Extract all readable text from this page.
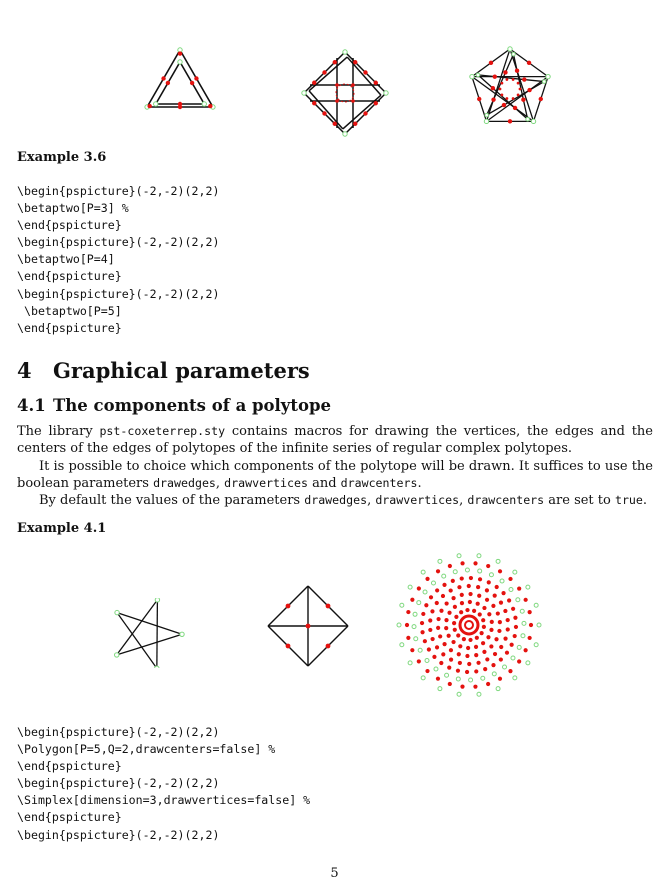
Example 3.6
\begin{pspicture}(-2,-2)(2,2)
\betaptwo[P=3] %
\end{pspicture}
\begin{pspicture}(-2,-2)(2,2)
\betaptwo[P=4]
\end{pspicture}
\begin{pspicture}(-2,-2)(2,2)
\betaptwo[P=5]
\end{pspicture}
4 Graphical parameters
4.1 The components of a polytope

The library pst-coxeterrep.sty contains macros for drawing the vertices, the edges and the centers of the edges of polytopes of the infinite series of regular complex polytopes.

It is possible to choice which components of the polytope will be drawn. It suffices to use the boolean parameters drawedges, drawvertices and drawcenters.

By default the values of the parameters drawedges, drawvertices, drawcenters are set to true.

Example 4.1
\begin{pspicture}(-2,-2)(2,2)
\Polygon[P=5,Q=2,drawcenters=false] %
\end{pspicture}
\begin{pspicture}(-2,-2)(2,2)
\Simplex[dimension=3,drawvertices=false] %
\end{pspicture}
\begin{pspicture}(-2,-2)(2,2)
5
